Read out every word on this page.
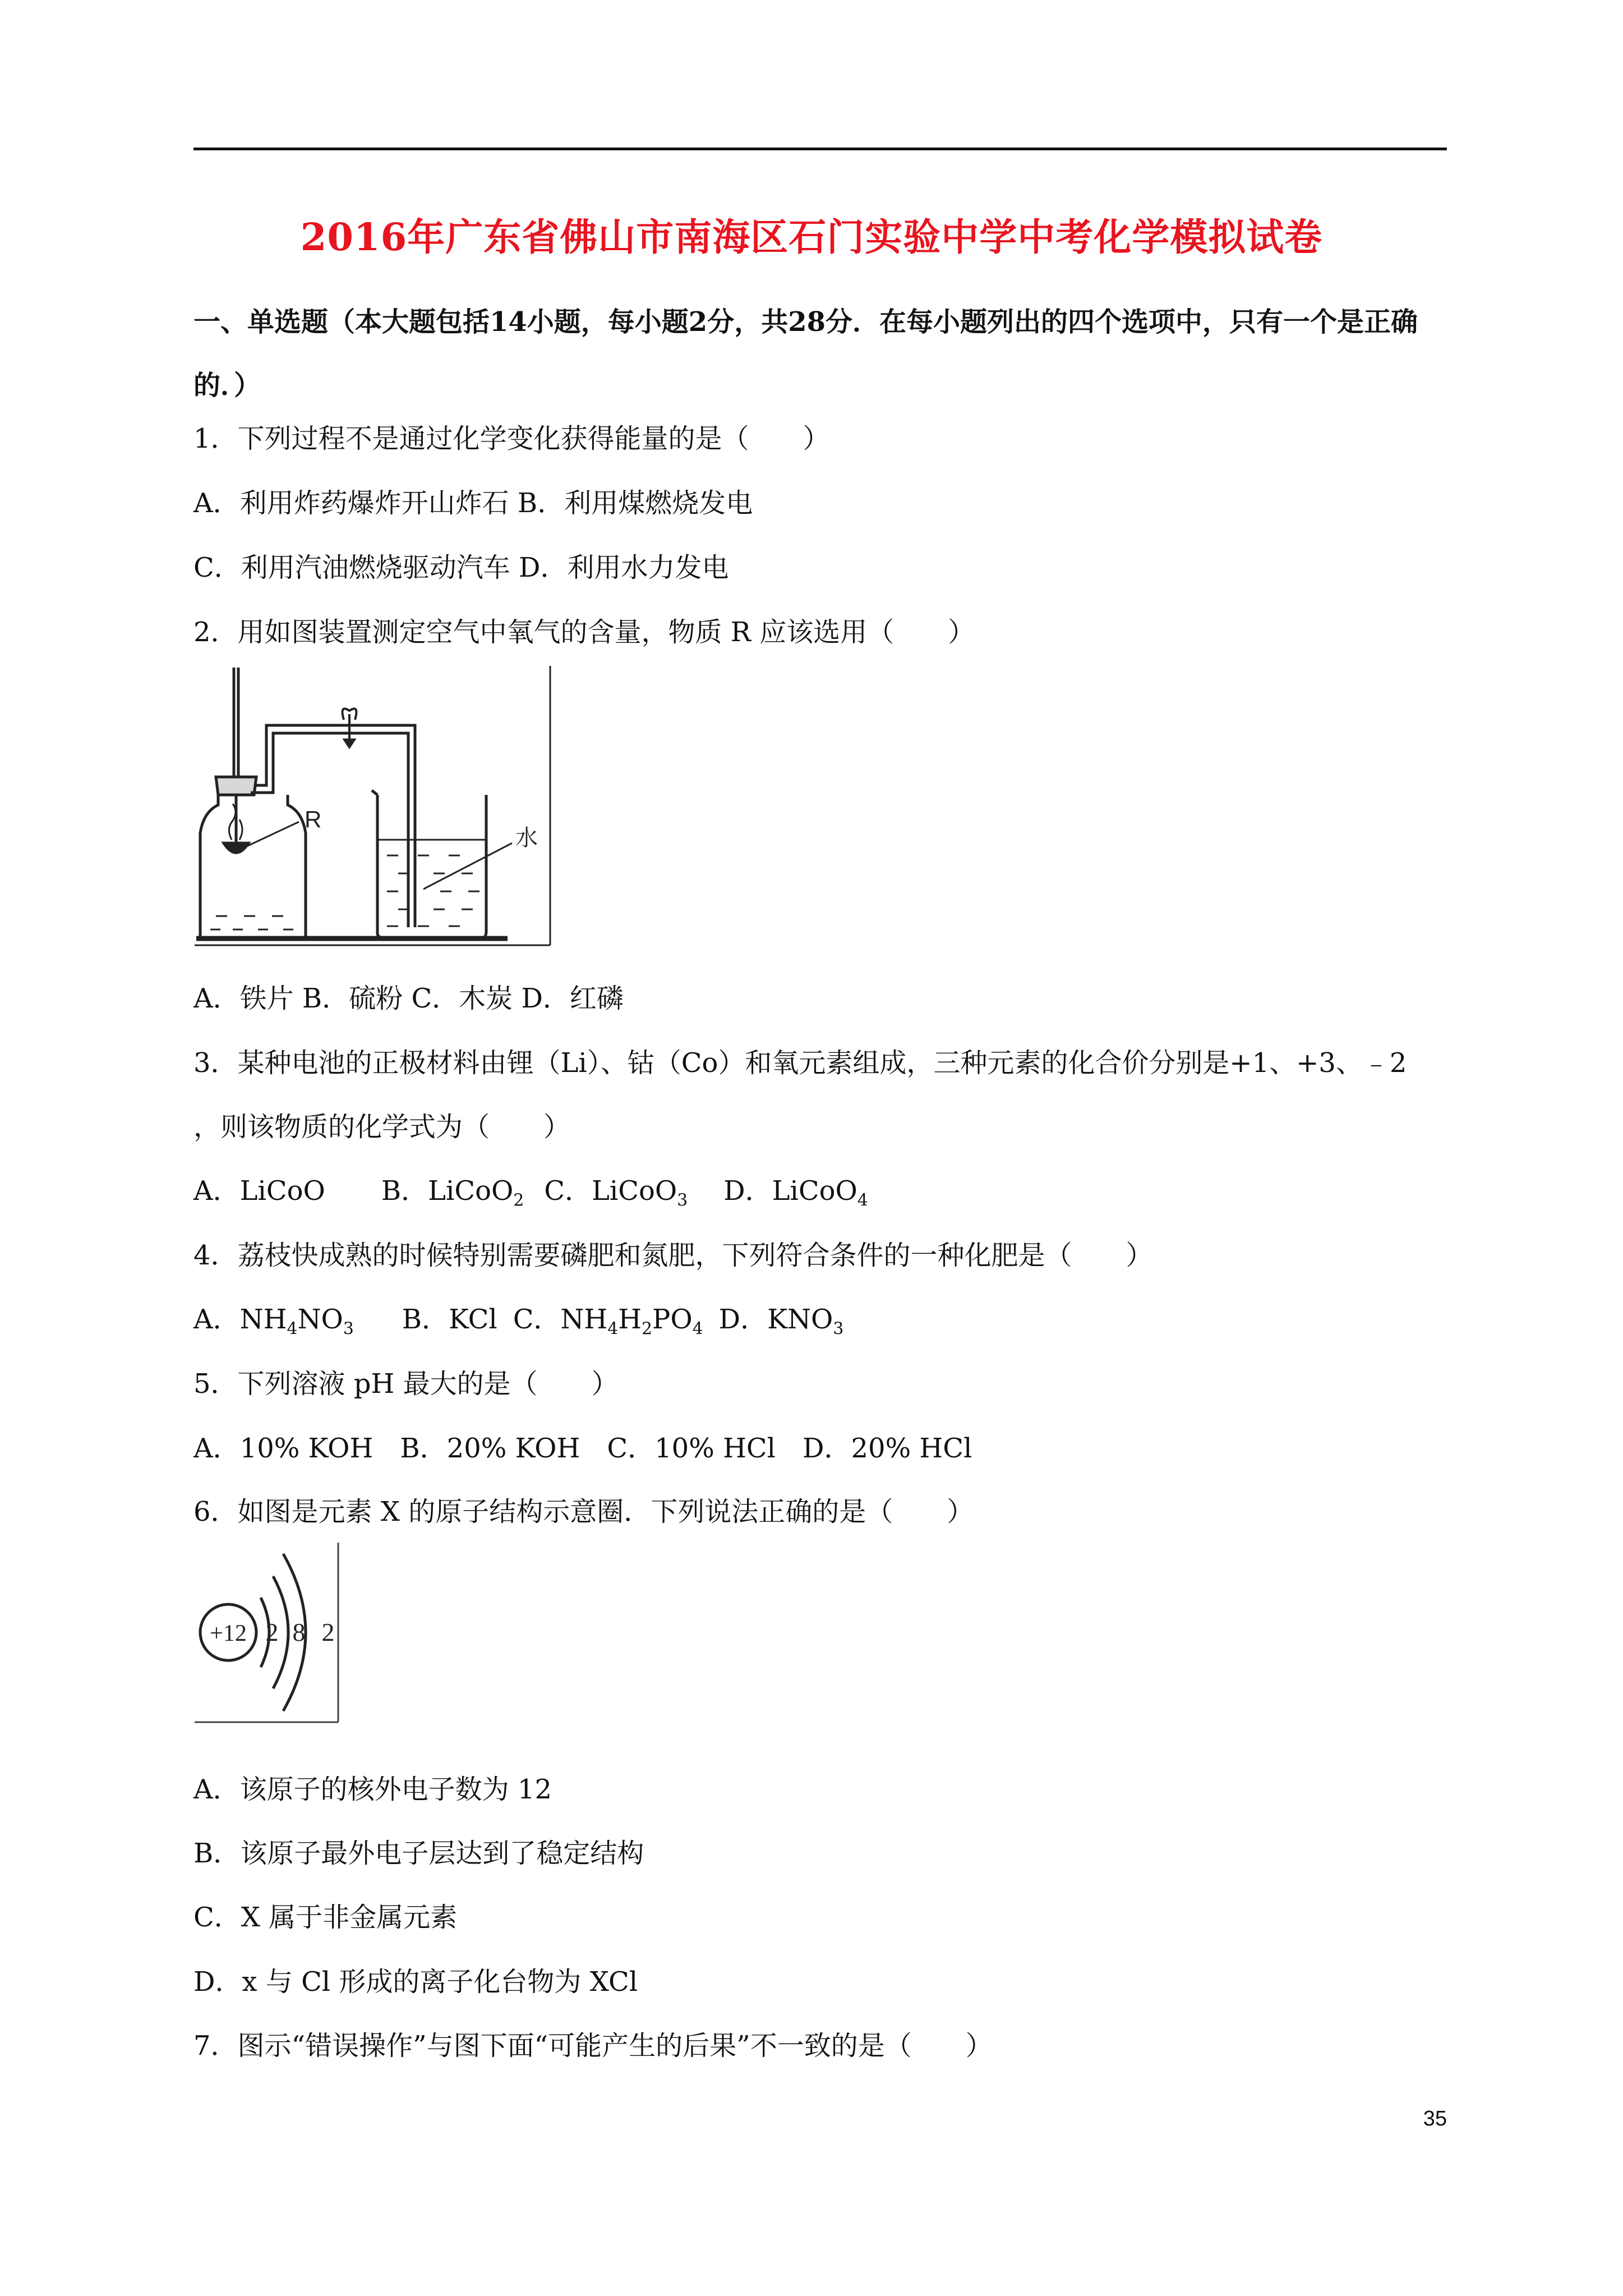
2016年广东省佛山市南海区石门实验中学中考化学模拟试卷
一、单选题（本大题包括14小题，每小题2分，共28分．在每小题列出的四个选项中，只有一个是正确的．）
1．下列过程不是通过化学变化获得能量的是（　　）
A．利用炸药爆炸开山炸石 B．利用煤燃烧发电
C．利用汽油燃烧驱动汽车 D．利用水力发电
2．用如图装置测定空气中氧气的含量，物质 R 应该选用（　　）
R
水
A．铁片 B．硫粉 C．木炭 D．红磷
3．某种电池的正极材料由锂（Li）、钴（Co）和氧元素组成，三种元素的化合价分别是+1、+3、﹣2
，则该物质的化学式为（　　）
A．LiCoO B．LiCoO$_2$ C．LiCoO$_3$ D．LiCoO$_4$
4．荔枝快成熟的时候特别需要磷肥和氮肥，下列符合条件的一种化肥是（　　）
A．$NH_4NO_3$ B．KCl C．$NH_4H_2PO_4$ D．$KNO_3$
5．下列溶液 pH 最大的是（　　）
A．10% KOH　B．20% KOH　C．10% HCl　D．20% HCl
6．如图是元素 X 的原子结构示意圈．下列说法正确的是（　　）
+12 2 8 2
A．该原子的核外电子数为 12
B．该原子最外电子层达到了稳定结构
C．X 属于非金属元素
D．x 与 Cl 形成的离子化台物为 XCl
7．图示“错误操作”与图下面“可能产生的后果”不一致的是（　　）
35
